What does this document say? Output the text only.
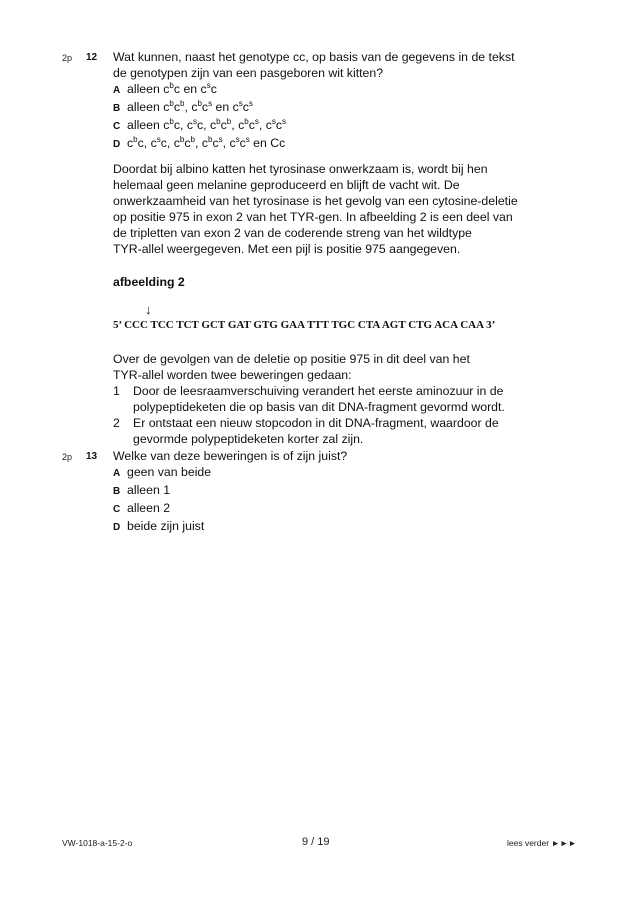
2p 12 Wat kunnen, naast het genotype cc, op basis van de gegevens in de tekst
de genotypen zijn van een pasgeboren wit kitten?
A alleen $c^bc$ en $c^sc$
B alleen $c^bc^b$, $c^bc^s$ en $c^sc^s$
C alleen $c^bc$, $c^sc$, $c^bc^b$, $c^bc^s$, $c^sc^s$
D $c^bc$, $c^sc$, $c^bc^b$, $c^bc^s$, $c^sc^s$ en Cc
Doordat bij albino katten het tyrosinase onwerkzaam is, wordt bij hen
helemaal geen melanine geproduceerd en blijft de vacht wit. De
onwerkzaamheid van het tyrosinase is het gevolg van een cytosine-deletie
op positie 975 in exon 2 van het TYR-gen. In afbeelding 2 is een deel van
de tripletten van exon 2 van de coderende streng van het wildtype
TYR-allel weergegeven. Met een pijl is positie 975 aangegeven.
afbeelding 2
↓
5’ CCC TCC TCT GCT GAT GTG GAA TTT TGC CTA AGT CTG ACA CAA 3’
Over de gevolgen van de deletie op positie 975 in dit deel van het
TYR-allel worden twee beweringen gedaan:
1 Door de leesraamverschuiving verandert het eerste aminozuur in de
polypeptideketen die op basis van dit DNA-fragment gevormd wordt.
2 Er ontstaat een nieuw stopcodon in dit DNA-fragment, waardoor de
gevormde polypeptideketen korter zal zijn.
2p 13 Welke van deze beweringen is of zijn juist?
A geen van beide
B alleen 1
C alleen 2
D beide zijn juist
VW-1018-a-15-2-o	9 / 19	lees verder ►►►
